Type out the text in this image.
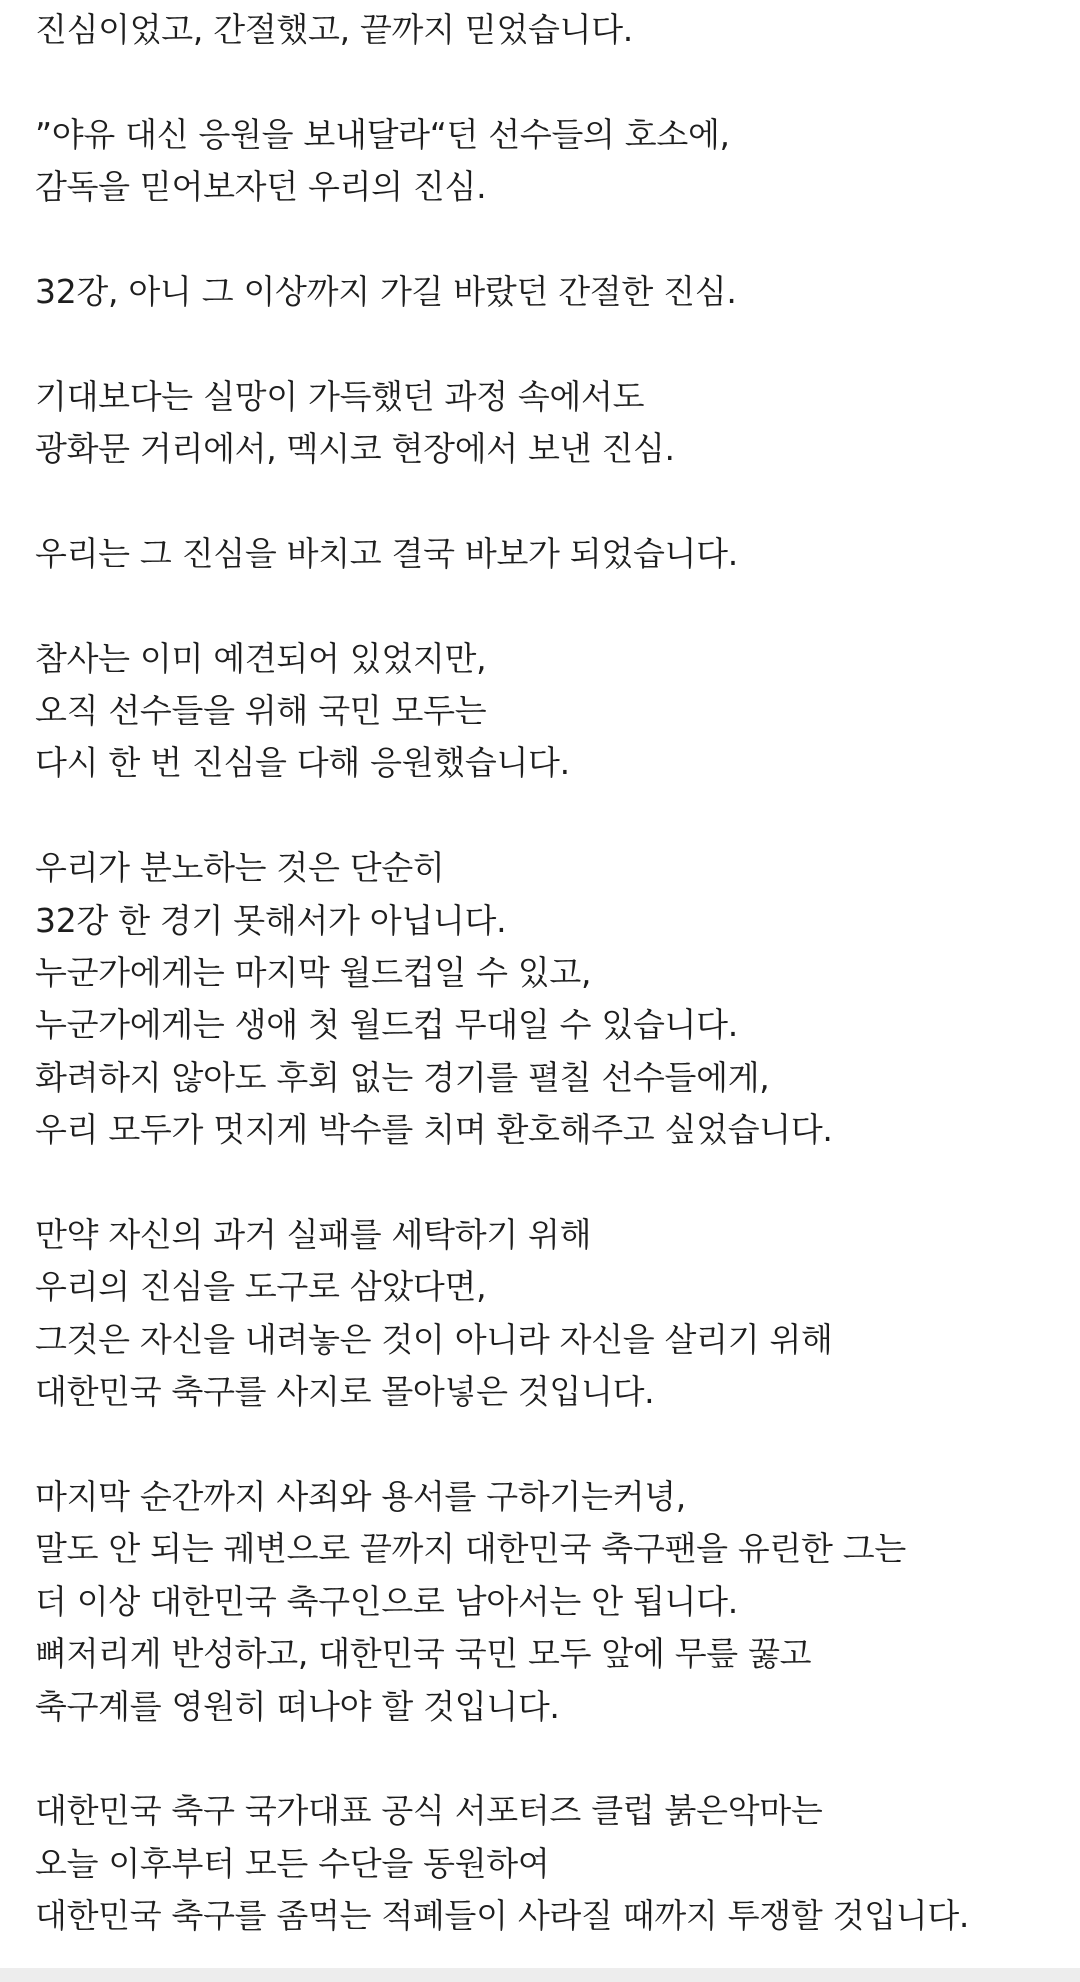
진심이었고, 간절했고, 끝까지 믿었습니다.
”야유 대신 응원을 보내달라“던 선수들의 호소에,
감독을 믿어보자던 우리의 진심.
32강, 아니 그 이상까지 가길 바랐던 간절한 진심.
기대보다는 실망이 가득했던 과정 속에서도
광화문 거리에서, 멕시코 현장에서 보낸 진심.
우리는 그 진심을 바치고 결국 바보가 되었습니다.
참사는 이미 예견되어 있었지만,
오직 선수들을 위해 국민 모두는
다시 한 번 진심을 다해 응원했습니다.
우리가 분노하는 것은 단순히
32강 한 경기 못해서가 아닙니다.
누군가에게는 마지막 월드컵일 수 있고,
누군가에게는 생애 첫 월드컵 무대일 수 있습니다.
화려하지 않아도 후회 없는 경기를 펼칠 선수들에게,
우리 모두가 멋지게 박수를 치며 환호해주고 싶었습니다.
만약 자신의 과거 실패를 세탁하기 위해
우리의 진심을 도구로 삼았다면,
그것은 자신을 내려놓은 것이 아니라 자신을 살리기 위해
대한민국 축구를 사지로 몰아넣은 것입니다.
마지막 순간까지 사죄와 용서를 구하기는커녕,
말도 안 되는 궤변으로 끝까지 대한민국 축구팬을 유린한 그는
더 이상 대한민국 축구인으로 남아서는 안 됩니다.
뼈저리게 반성하고, 대한민국 국민 모두 앞에 무릎 꿇고
축구계를 영원히 떠나야 할 것입니다.
대한민국 축구 국가대표 공식 서포터즈 클럽 붉은악마는
오늘 이후부터 모든 수단을 동원하여
대한민국 축구를 좀먹는 적폐들이 사라질 때까지 투쟁할 것입니다.
